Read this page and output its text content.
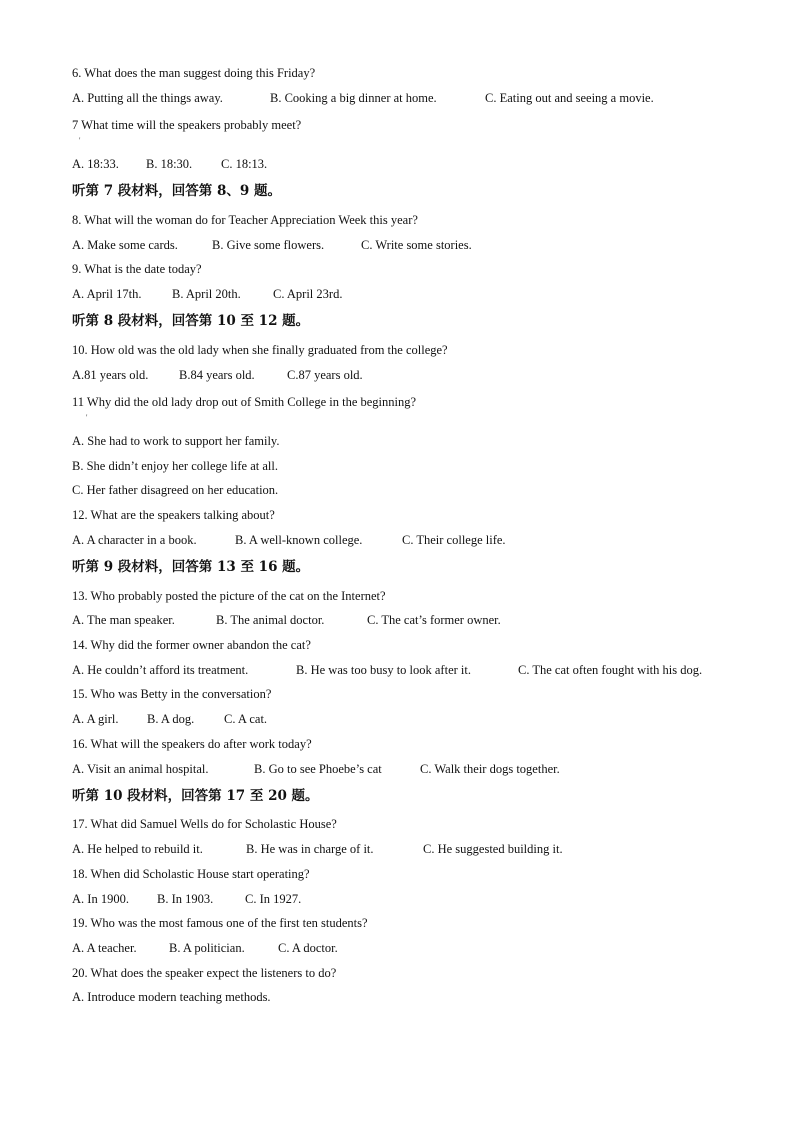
6. What does the man suggest doing this Friday?
A. Putting all the things away.	B. Cooking a big dinner at home.	C. Eating out and seeing a movie.
7 What time will the speakers probably meet?
'
A. 18:33. B. 18:30. C. 18:13.
听第 7 段材料，回答第 8、9 题。
8. What will the woman do for Teacher Appreciation Week this year?
A. Make some cards.	B. Give some flowers.	C. Write some stories.
9. What is the date today?
A. April 17th. B. April 20th.	C. April 23rd.
听第 8 段材料，回答第 10 至 12 题。
10. How old was the old lady when she finally graduated from the college?
A.81 years old. B.84 years old.	C.87 years old.
11 Why did the old lady drop out of Smith College in the beginning?
'
A. She had to work to support her family.
B. She didn’t enjoy her college life at all.
C. Her father disagreed on her education.
12. What are the speakers talking about?
A. A character in a book.	B. A well-known college.	C. Their college life.
听第 9 段材料，回答第 13 至 16 题。
13. Who probably posted the picture of the cat on the Internet?
A. The man speaker.	B. The animal doctor.	C. The cat’s former owner.
14. Why did the former owner abandon the cat?
A. He couldn’t afford its treatment.	B. He was too busy to look after it.	C. The cat often fought with his dog.
15. Who was Betty in the conversation?
A. A girl. B. A dog. C. A cat.
16. What will the speakers do after work today?
A. Visit an animal hospital.	B. Go to see Phoebe’s cat	C. Walk their dogs together.
听第 10 段材料，回答第 17 至 20 题。
17. What did Samuel Wells do for Scholastic House?
A. He helped to rebuild it.	B. He was in charge of it.	C. He suggested building it.
18. When did Scholastic House start operating?
A. In 1900. B. In 1903.	C. In 1927.
19. Who was the most famous one of the first ten students?
A. A teacher.	B. A politician.	C. A doctor.
20. What does the speaker expect the listeners to do?
A. Introduce modern teaching methods.
